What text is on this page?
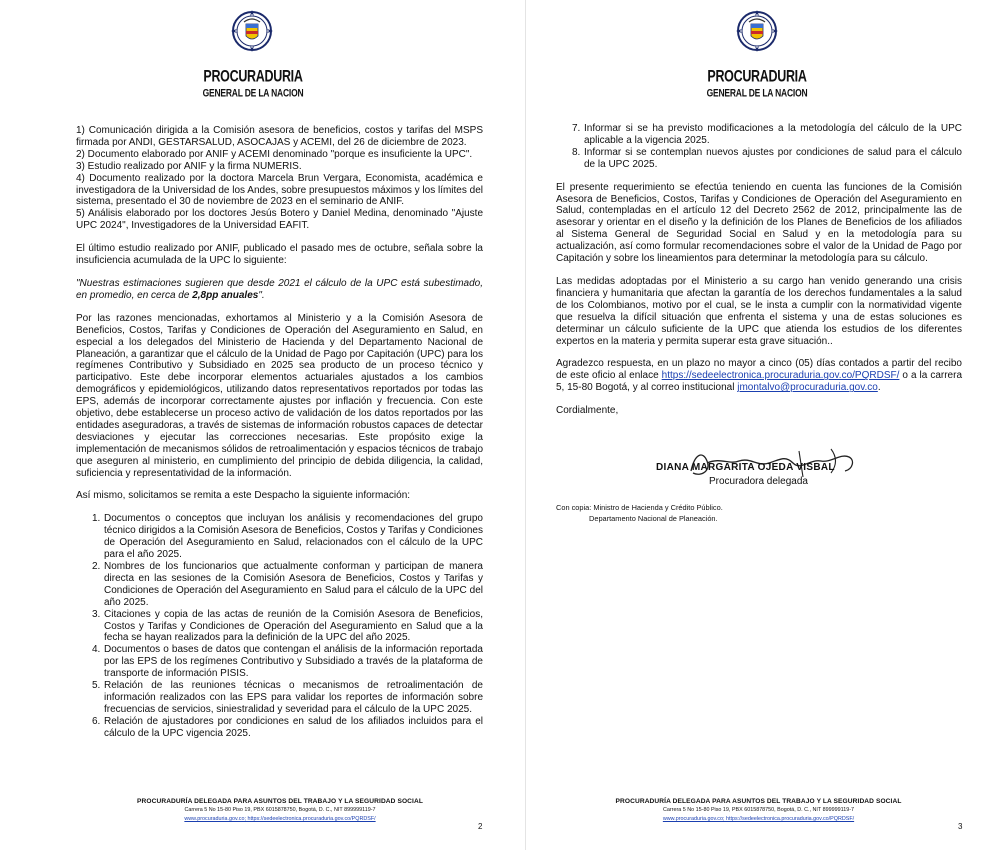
PROCURADURIA
GENERAL DE LA NACION

1) Comunicación dirigida a la Comisión asesora de beneficios, costos y tarifas del MSPS firmada por ANDI, GESTARSALUD, ASOCAJAS y ACEMI, del 26 de diciembre de 2023.

2) Documento elaborado por ANIF y ACEMI denominado "porque es insuficiente la UPC".

3) Estudio realizado por ANIF y la firma NUMERIS.

4) Documento realizado por la doctora Marcela Brun Vergara, Economista, académica e investigadora de la Universidad de los Andes, sobre presupuestos máximos y los límites del sistema, presentado el 30 de noviembre de 2023 en el seminario de ANIF.

5) Análisis elaborado por los doctores Jesús Botero y Daniel Medina, denominado "Ajuste UPC 2024", Investigadores de la Universidad EAFIT.

El último estudio realizado por ANIF, publicado el pasado mes de octubre, señala sobre la insuficiencia acumulada de la UPC lo siguiente:

"Nuestras estimaciones sugieren que desde 2021 el cálculo de la UPC está subestimado, en promedio, en cerca de 2,8pp anuales".

Por las razones mencionadas, exhortamos al Ministerio y a la Comisión Asesora de Beneficios, Costos, Tarifas y Condiciones de Operación del Aseguramiento en Salud, en especial a los delegados del Ministerio de Hacienda y del Departamento Nacional de Planeación, a garantizar que el cálculo de la Unidad de Pago por Capitación (UPC) para los regímenes Contributivo y Subsidiado en 2025 sea producto de un proceso técnico y participativo. Este debe incorporar elementos actuariales ajustados a los cambios demográficos y epidemiológicos, utilizando datos representativos reportados por todas las EPS, además de incorporar correctamente ajustes por inflación y frecuencia. Con este objetivo, debe establecerse un proceso activo de validación de los datos reportados por las entidades aseguradoras, a través de sistemas de información robustos capaces de detectar desviaciones y ejecutar las correcciones necesarias. Este propósito exige la implementación de mecanismos sólidos de retroalimentación y espacios técnicos de trabajo que aseguren al ministerio, en cumplimiento del principio de debida diligencia, la calidad, suficiencia y representatividad de la información.

Así mismo, solicitamos se remita a este Despacho la siguiente información:

1. Documentos o conceptos que incluyan los análisis y recomendaciones del grupo técnico dirigidos a la Comisión Asesora de Beneficios, Costos y Tarifas y Condiciones de Operación del Aseguramiento en Salud, relacionados con el cálculo de la UPC para el año 2025.
2. Nombres de los funcionarios que actualmente conforman y participan de manera directa en las sesiones de la Comisión Asesora de Beneficios, Costos y Tarifas y Condiciones de Operación del Aseguramiento en Salud para el cálculo de la UPC del año 2025.
3. Citaciones y copia de las actas de reunión de la Comisión Asesora de Beneficios, Costos y Tarifas y Condiciones de Operación del Aseguramiento en Salud que a la fecha se hayan realizados para la definición de la UPC del año 2025.
4. Documentos o bases de datos que contengan el análisis de la información reportada por las EPS de los regímenes Contributivo y Subsidiado a través de la plataforma de transporte de información PISIS.
5. Relación de las reuniones técnicas o mecanismos de retroalimentación de información realizados con las EPS para validar los reportes de información sobre frecuencias de servicios, siniestralidad y severidad para el cálculo de la UPC 2025.
6. Relación de ajustadores por condiciones en salud de los afiliados incluidos para el cálculo de la UPC vigencia 2025.
PROCURADURÍA DELEGADA PARA ASUNTOS DEL TRABAJO Y LA SEGURIDAD SOCIAL
Carrera 5 No 15-80 Piso 19, PBX 6015878750, Bogotá, D. C., NIT 899999119-7
www.procuraduria.gov.co; https://sedeelectronica.procuraduria.gov.co/PQRDSF/
2
PROCURADURIA
GENERAL DE LA NACION
7. Informar si se ha previsto modificaciones a la metodología del cálculo de la UPC aplicable a la vigencia 2025.
8. Informar si se contemplan nuevos ajustes por condiciones de salud para el cálculo de la UPC 2025.

El presente requerimiento se efectúa teniendo en cuenta las funciones de la Comisión Asesora de Beneficios, Costos, Tarifas y Condiciones de Operación del Aseguramiento en Salud, contempladas en el artículo 12 del Decreto 2562 de 2012, principalmente las de asesorar y orientar en el diseño y la definición de los Planes de Beneficios de los afiliados al Sistema General de Seguridad Social en Salud y en la metodología para su actualización, así como formular recomendaciones sobre el valor de la Unidad de Pago por Capitación y sobre los lineamientos para determinar la metodología para su cálculo.

Las medidas adoptadas por el Ministerio a su cargo han venido generando una crisis financiera y humanitaria que afectan la garantía de los derechos fundamentales a la salud de los Colombianos, motivo por el cual, se le insta a cumplir con la normatividad vigente que resuelva la difícil situación que enfrenta el sistema y una de estas soluciones es determinar un cálculo suficiente de la UPC que atienda los estudios de los diferentes expertos en la materia y permita superar esta grave situación..

Agradezco respuesta, en un plazo no mayor a cinco (05) días contados a partir del recibo de este oficio al enlace https://sedeelectronica.procuraduria.gov.co/PQRDSF/ o a la carrera 5, 15-80 Bogotá, y al correo institucional jmontalvo@procuraduria.gov.co.

Cordialmente,

DIANA MARGARITA OJEDA VISBAL
Procuradora delegada
Con copia: Ministro de Hacienda y Crédito Público.
Departamento Nacional de Planeación.
PROCURADURÍA DELEGADA PARA ASUNTOS DEL TRABAJO Y LA SEGURIDAD SOCIAL
Carrera 5 No 15-80 Piso 19, PBX 6015878750, Bogotá, D. C., NIT 899999119-7
www.procuraduria.gov.co; https://sedeelectronica.procuraduria.gov.co/PQRDSF/
3
